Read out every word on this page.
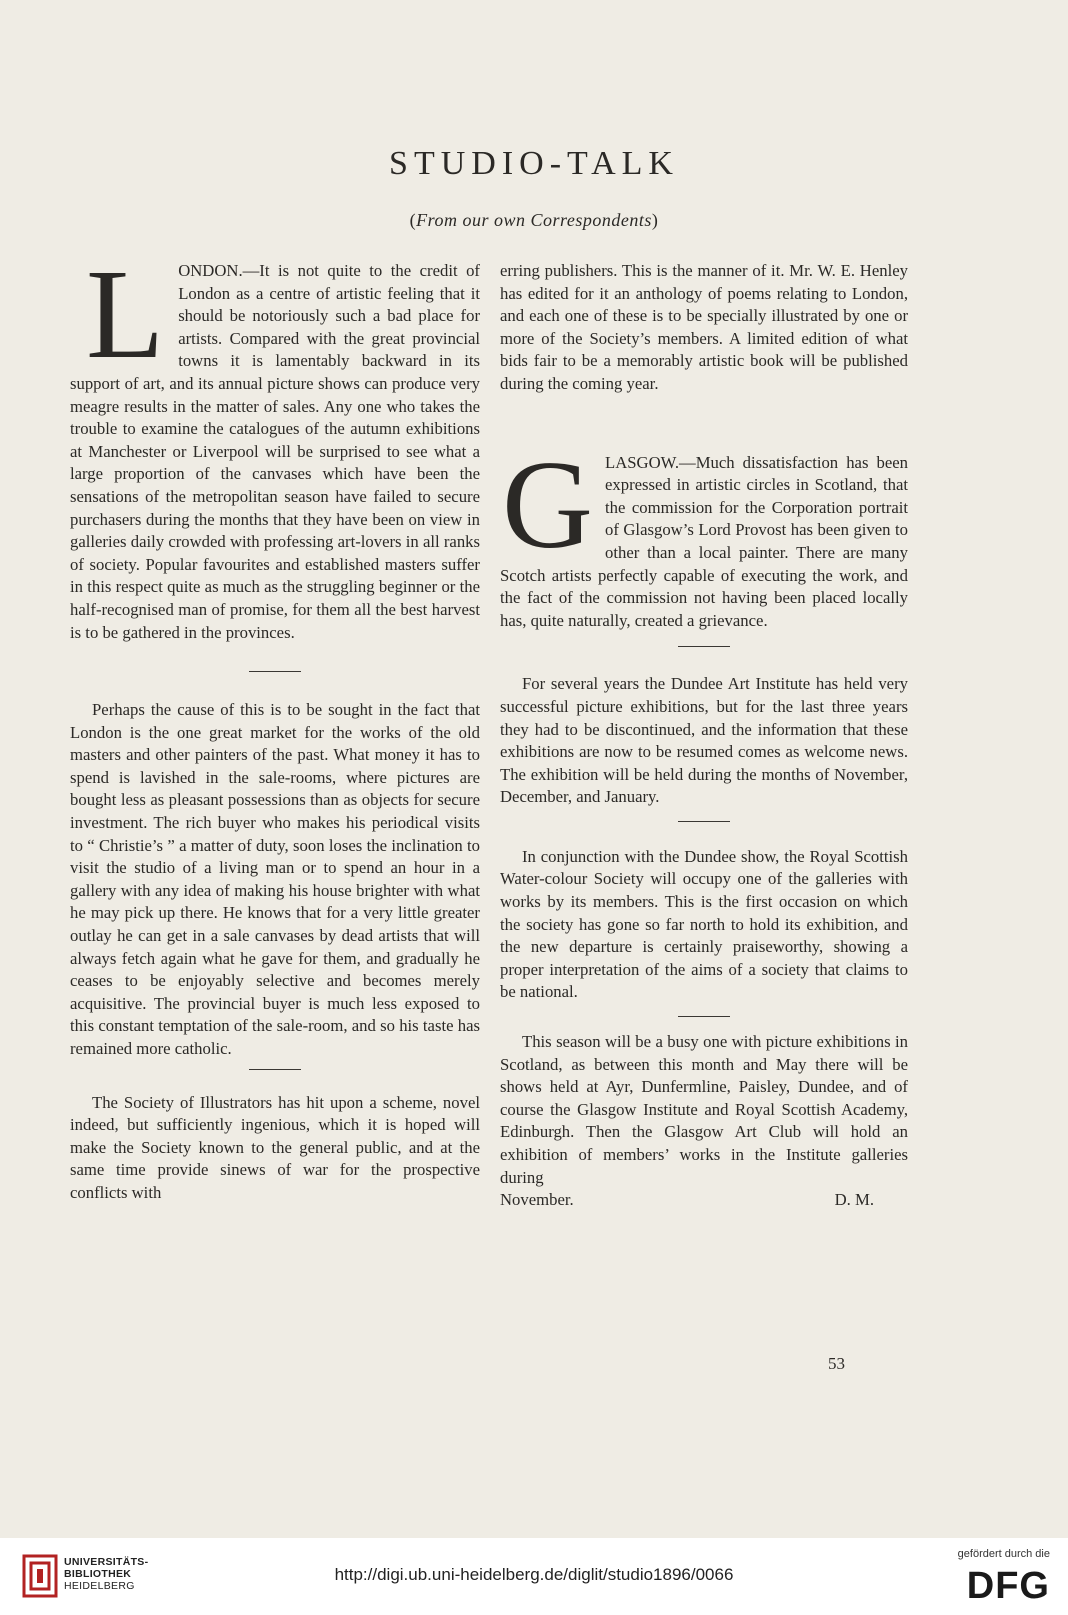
STUDIO-TALK

(From our own Correspondents)

LONDON.—It is not quite to the credit of London as a centre of artistic feeling that it should be notoriously such a bad place for artists. Compared with the great provincial towns it is lamentably backward in its support of art, and its annual picture shows can produce very meagre results in the matter of sales. Any one who takes the trouble to examine the catalogues of the autumn exhibitions at Manchester or Liverpool will be surprised to see what a large proportion of the canvases which have been the sensations of the metropolitan season have failed to secure purchasers during the months that they have been on view in galleries daily crowded with professing art-lovers in all ranks of society. Popular favourites and established masters suffer in this respect quite as much as the struggling beginner or the half-recognised man of promise, for them all the best harvest is to be gathered in the provinces.

Perhaps the cause of this is to be sought in the fact that London is the one great market for the works of the old masters and other painters of the past. What money it has to spend is lavished in the sale-rooms, where pictures are bought less as pleasant possessions than as objects for secure investment. The rich buyer who makes his periodical visits to “ Christie’s ” a matter of duty, soon loses the inclination to visit the studio of a living man or to spend an hour in a gallery with any idea of making his house brighter with what he may pick up there. He knows that for a very little greater outlay he can get in a sale canvases by dead artists that will always fetch again what he gave for them, and gradually he ceases to be enjoyably selective and becomes merely acquisitive. The provincial buyer is much less exposed to this constant temptation of the sale-room, and so his taste has remained more catholic.

The Society of Illustrators has hit upon a scheme, novel indeed, but sufficiently ingenious, which it is hoped will make the Society known to the general public, and at the same time provide sinews of war for the prospective conflicts with

erring publishers. This is the manner of it. Mr. W. E. Henley has edited for it an anthology of poems relating to London, and each one of these is to be specially illustrated by one or more of the Society’s members. A limited edition of what bids fair to be a memorably artistic book will be published during the coming year.

GLASGOW.—Much dissatisfaction has been expressed in artistic circles in Scotland, that the commission for the Corporation portrait of Glasgow’s Lord Provost has been given to other than a local painter. There are many Scotch artists perfectly capable of executing the work, and the fact of the commission not having been placed locally has, quite naturally, created a grievance.

For several years the Dundee Art Institute has held very successful picture exhibitions, but for the last three years they had to be discontinued, and the information that these exhibitions are now to be resumed comes as welcome news. The exhibition will be held during the months of November, December, and January.

In conjunction with the Dundee show, the Royal Scottish Water-colour Society will occupy one of the galleries with works by its members. This is the first occasion on which the society has gone so far north to hold its exhibition, and the new departure is certainly praiseworthy, showing a proper interpretation of the aims of a society that claims to be national.

This season will be a busy one with picture exhibitions in Scotland, as between this month and May there will be shows held at Ayr, Dunfermline, Paisley, Dundee, and of course the Glasgow Institute and Royal Scottish Academy, Edinburgh. Then the Glasgow Art Club will hold an exhibition of members’ works in the Institute galleries during

November.	D. M.
53
UNIVERSITÄTS-
BIBLIOTHEK
HEIDELBERG
http://digi.ub.uni-heidelberg.de/diglit/studio1896/0066
gefördert durch die
DFG
